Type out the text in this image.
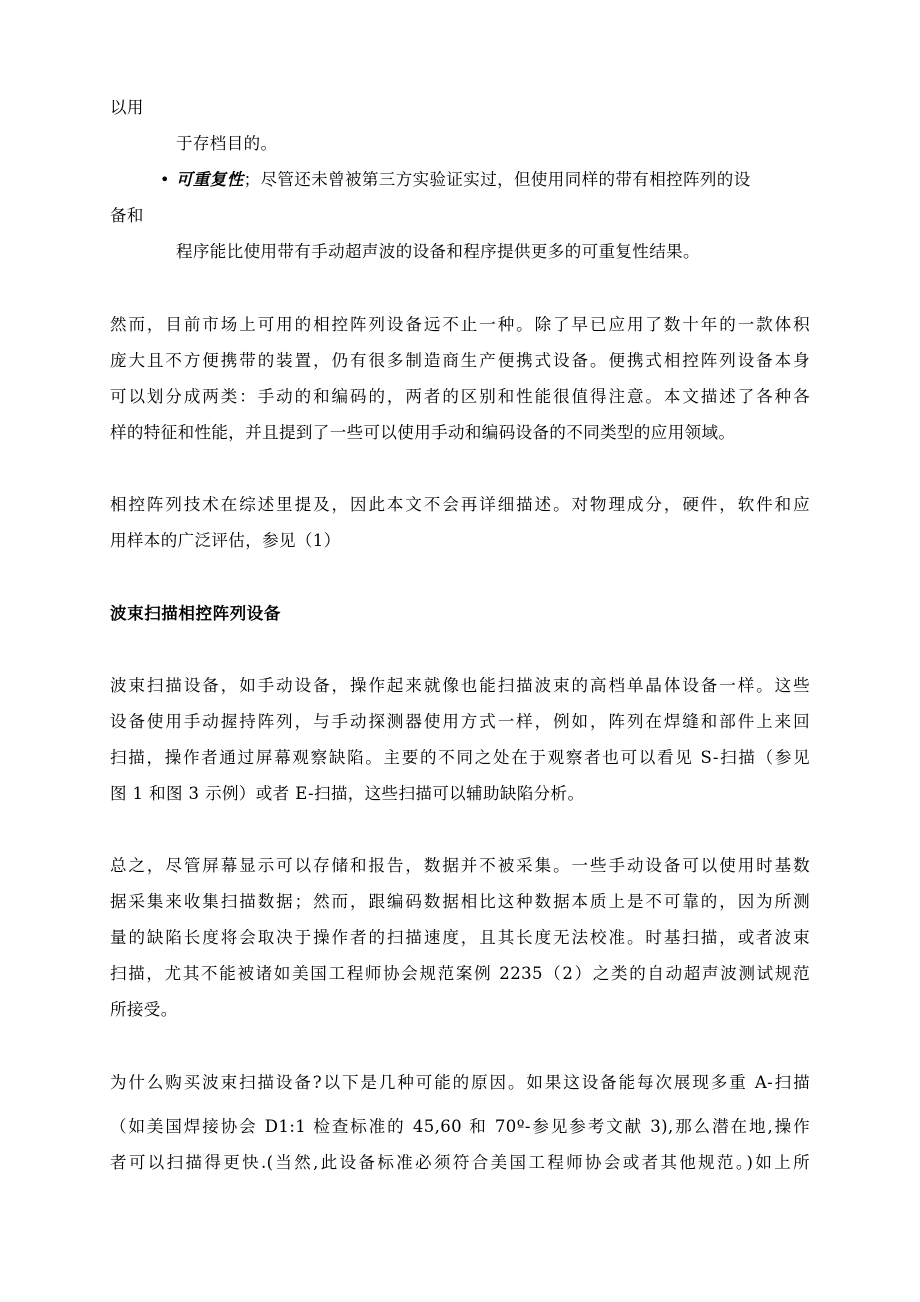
以用
于存档目的。
• 可重复性；尽管还未曾被第三方实验证实过，但使用同样的带有相控阵列的设
备和
程序能比使用带有手动超声波的设备和程序提供更多的可重复性结果。
然而，目前市场上可用的相控阵列设备远不止一种。除了早已应用了数十年的一款体积
庞大且不方便携带的装置，仍有很多制造商生产便携式设备。便携式相控阵列设备本身
可以划分成两类：手动的和编码的，两者的区别和性能很值得注意。本文描述了各种各
样的特征和性能，并且提到了一些可以使用手动和编码设备的不同类型的应用领域。
相控阵列技术在综述里提及，因此本文不会再详细描述。对物理成分，硬件，软件和应
用样本的广泛评估，参见（1）
波束扫描相控阵列设备
波束扫描设备，如手动设备，操作起来就像也能扫描波束的高档单晶体设备一样。这些
设备使用手动握持阵列，与手动探测器使用方式一样，例如，阵列在焊缝和部件上来回
扫描，操作者通过屏幕观察缺陷。主要的不同之处在于观察者也可以看见 S-扫描（参见
图 1 和图 3 示例）或者 E-扫描，这些扫描可以辅助缺陷分析。
总之，尽管屏幕显示可以存储和报告，数据并不被采集。一些手动设备可以使用时基数
据采集来收集扫描数据；然而，跟编码数据相比这种数据本质上是不可靠的，因为所测
量的缺陷长度将会取决于操作者的扫描速度，且其长度无法校准。时基扫描，或者波束
扫描，尤其不能被诸如美国工程师协会规范案例 2235（2）之类的自动超声波测试规范
所接受。
为什么购买波束扫描设备?以下是几种可能的原因。如果这设备能每次展现多重 A-扫描
（如美国焊接协会 D1:1 检查标准的 45,60 和 70º-参见参考文献 3),那么潜在地,操作
者可以扫描得更快.(当然,此设备标准必须符合美国工程师协会或者其他规范。)如上所
